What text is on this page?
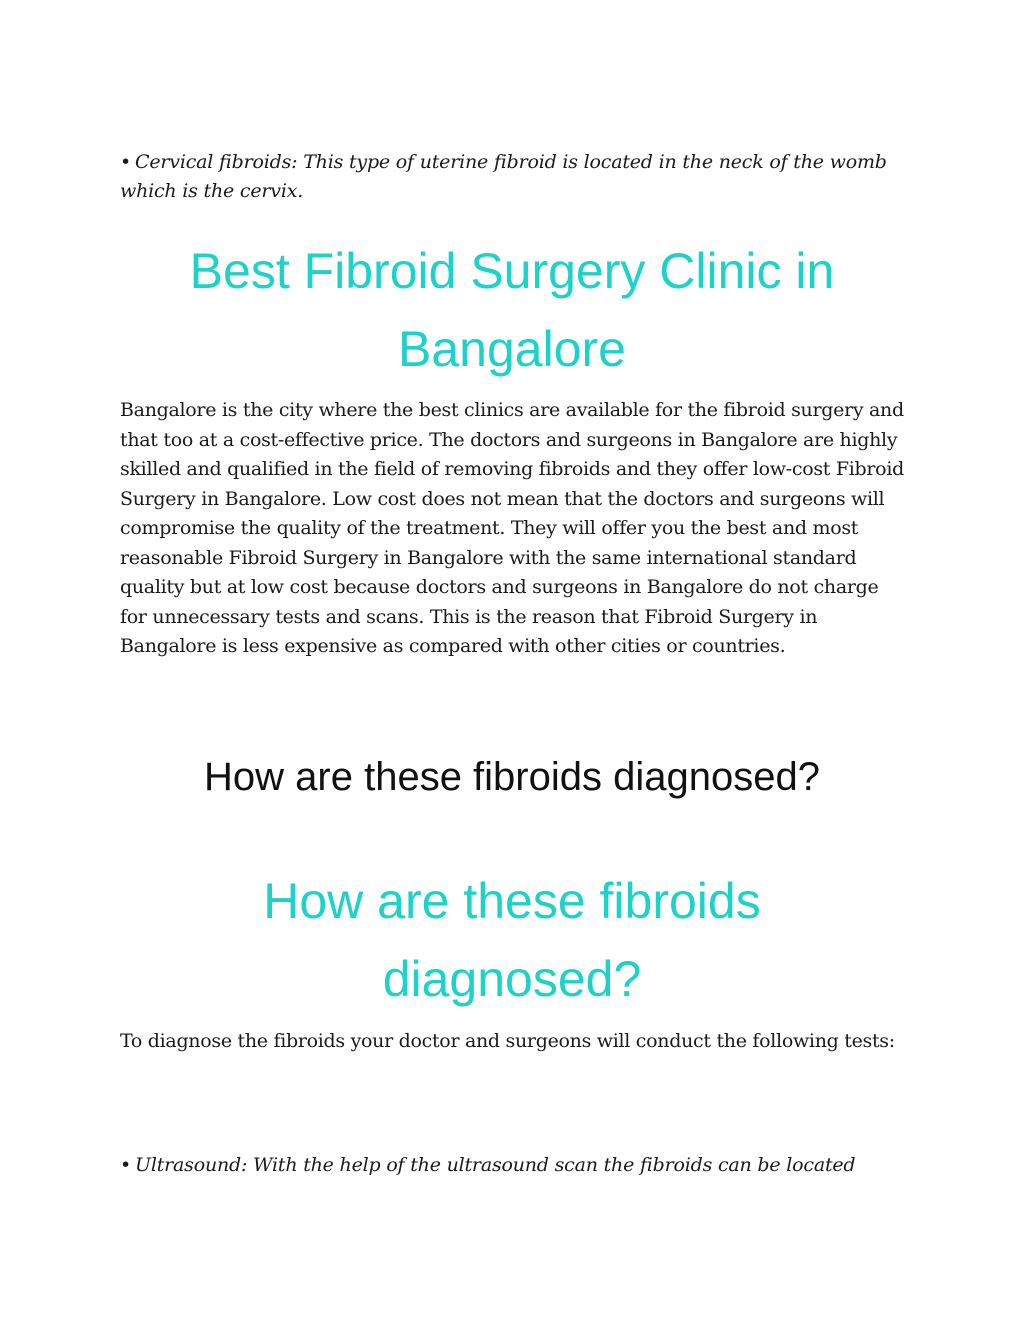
• Cervical fibroids: This type of uterine fibroid is located in the neck of the womb which is the cervix.

Best Fibroid Surgery Clinic in Bangalore

Bangalore is the city where the best clinics are available for the fibroid surgery and that too at a cost-effective price. The doctors and surgeons in Bangalore are highly skilled and qualified in the field of removing fibroids and they offer low-cost Fibroid Surgery in Bangalore. Low cost does not mean that the doctors and surgeons will compromise the quality of the treatment. They will offer you the best and most reasonable Fibroid Surgery in Bangalore with the same international standard quality but at low cost because doctors and surgeons in Bangalore do not charge for unnecessary tests and scans. This is the reason that Fibroid Surgery in Bangalore is less expensive as compared with other cities or countries.

How are these fibroids diagnosed?
How are these fibroids diagnosed?

To diagnose the fibroids your doctor and surgeons will conduct the following tests:

• Ultrasound: With the help of the ultrasound scan the fibroids can be located
